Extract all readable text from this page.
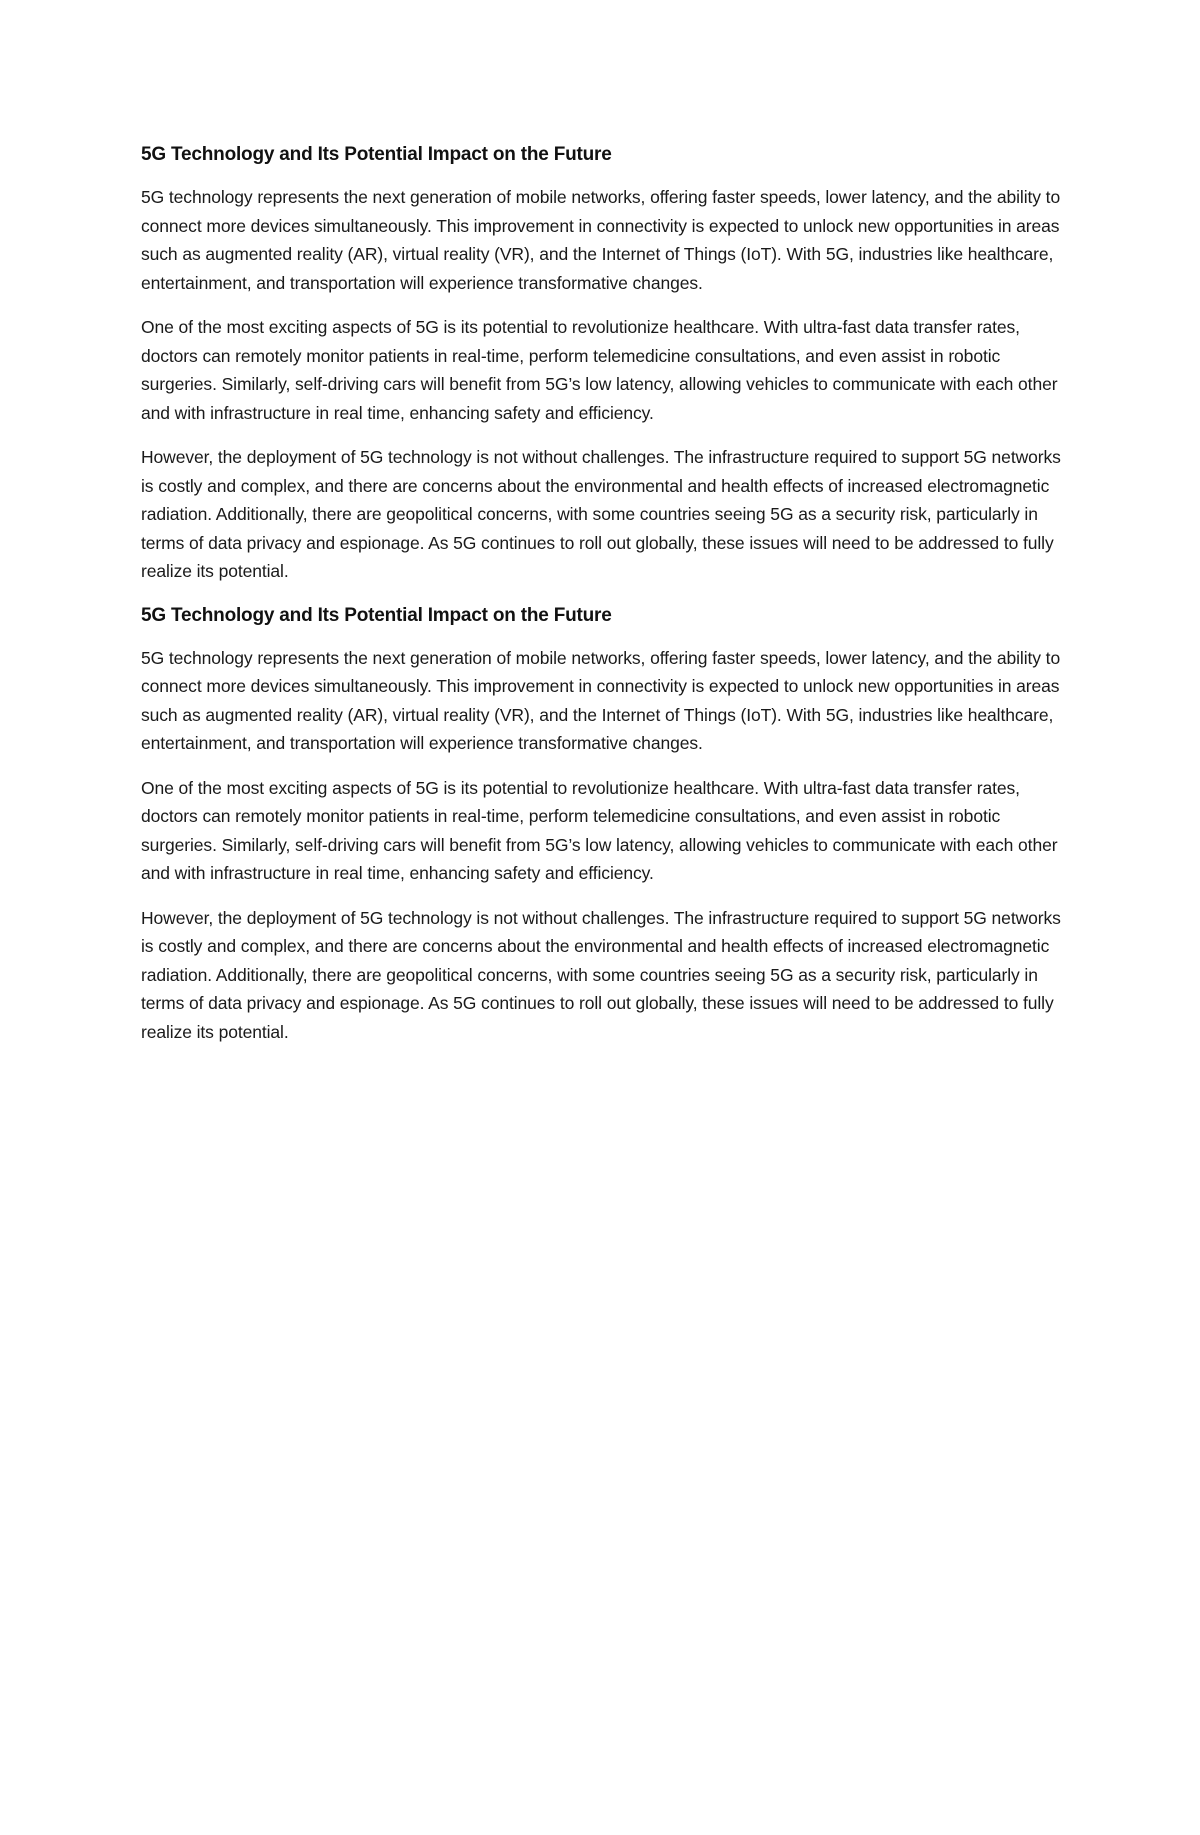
5G Technology and Its Potential Impact on the Future

5G technology represents the next generation of mobile networks, offering faster speeds, lower latency, and the ability to connect more devices simultaneously. This improvement in connectivity is expected to unlock new opportunities in areas such as augmented reality (AR), virtual reality (VR), and the Internet of Things (IoT). With 5G, industries like healthcare, entertainment, and transportation will experience transformative changes.

One of the most exciting aspects of 5G is its potential to revolutionize healthcare. With ultra-fast data transfer rates, doctors can remotely monitor patients in real-time, perform telemedicine consultations, and even assist in robotic surgeries. Similarly, self-driving cars will benefit from 5G’s low latency, allowing vehicles to communicate with each other and with infrastructure in real time, enhancing safety and efficiency.

However, the deployment of 5G technology is not without challenges. The infrastructure required to support 5G networks is costly and complex, and there are concerns about the environmental and health effects of increased electromagnetic radiation. Additionally, there are geopolitical concerns, with some countries seeing 5G as a security risk, particularly in terms of data privacy and espionage. As 5G continues to roll out globally, these issues will need to be addressed to fully realize its potential.

5G Technology and Its Potential Impact on the Future

5G technology represents the next generation of mobile networks, offering faster speeds, lower latency, and the ability to connect more devices simultaneously. This improvement in connectivity is expected to unlock new opportunities in areas such as augmented reality (AR), virtual reality (VR), and the Internet of Things (IoT). With 5G, industries like healthcare, entertainment, and transportation will experience transformative changes.

One of the most exciting aspects of 5G is its potential to revolutionize healthcare. With ultra-fast data transfer rates, doctors can remotely monitor patients in real-time, perform telemedicine consultations, and even assist in robotic surgeries. Similarly, self-driving cars will benefit from 5G’s low latency, allowing vehicles to communicate with each other and with infrastructure in real time, enhancing safety and efficiency.

However, the deployment of 5G technology is not without challenges. The infrastructure required to support 5G networks is costly and complex, and there are concerns about the environmental and health effects of increased electromagnetic radiation. Additionally, there are geopolitical concerns, with some countries seeing 5G as a security risk, particularly in terms of data privacy and espionage. As 5G continues to roll out globally, these issues will need to be addressed to fully realize its potential.
